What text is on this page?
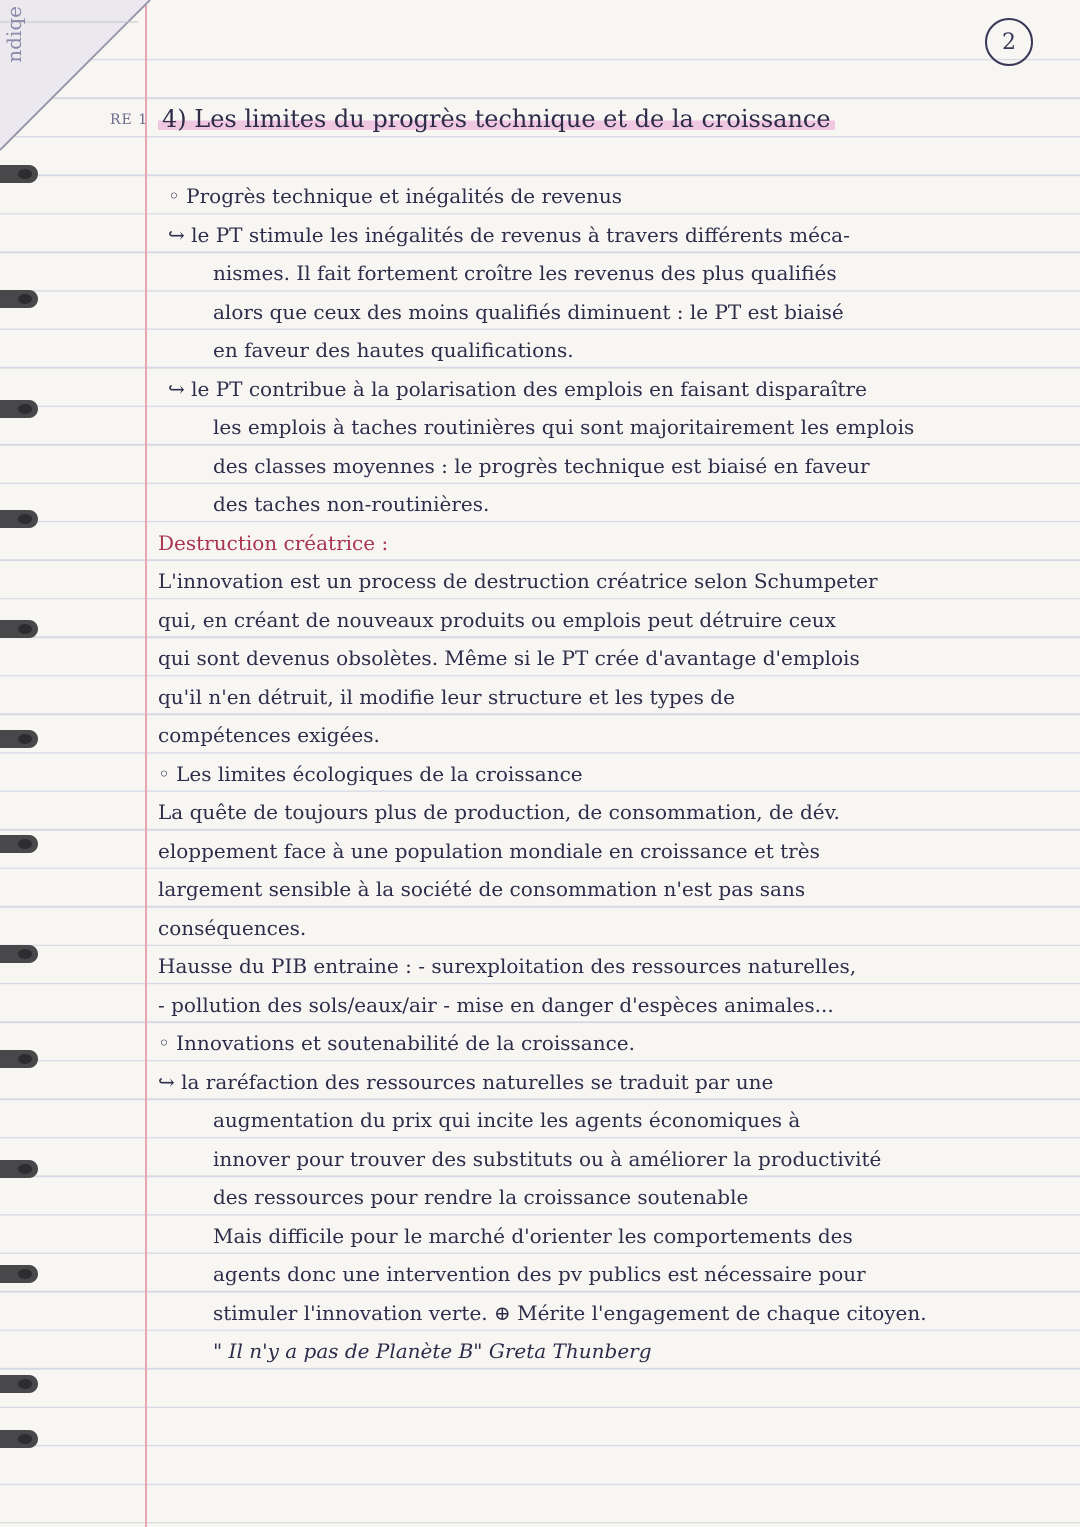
ndiqe
RE 1
2
4) Les limites du progrès technique et de la croissance
◦ Progrès technique et inégalités de revenus
↪ le PT stimule les inégalités de revenus à travers différents méca-
nismes. Il fait fortement croître les revenus des plus qualifiés
alors que ceux des moins qualifiés diminuent : le PT est biaisé
en faveur des hautes qualifications.
↪ le PT contribue à la polarisation des emplois en faisant disparaître
les emplois à taches routinières qui sont majoritairement les emplois
des classes moyennes : le progrès technique est biaisé en faveur
des taches non-routinières.
Destruction créatrice :
L'innovation est un process de destruction créatrice selon Schumpeter
qui, en créant de nouveaux produits ou emplois peut détruire ceux
qui sont devenus obsolètes. Même si le PT crée d'avantage d'emplois
qu'il n'en détruit, il modifie leur structure et les types de
compétences exigées.
◦ Les limites écologiques de la croissance
La quête de toujours plus de production, de consommation, de dév.
eloppement face à une population mondiale en croissance et très
largement sensible à la société de consommation n'est pas sans
conséquences.
Hausse du PIB entraine : - surexploitation des ressources naturelles,
- pollution des sols/eaux/air - mise en danger d'espèces animales...
◦ Innovations et soutenabilité de la croissance.
↪ la raréfaction des ressources naturelles se traduit par une
augmentation du prix qui incite les agents économiques à
innover pour trouver des substituts ou à améliorer la productivité
des ressources pour rendre la croissance soutenable
Mais difficile pour le marché d'orienter les comportements des
agents donc une intervention des pv publics est nécessaire pour
stimuler l'innovation verte. ⊕ Mérite l'engagement de chaque citoyen.
" Il n'y a pas de Planète B" Greta Thunberg
